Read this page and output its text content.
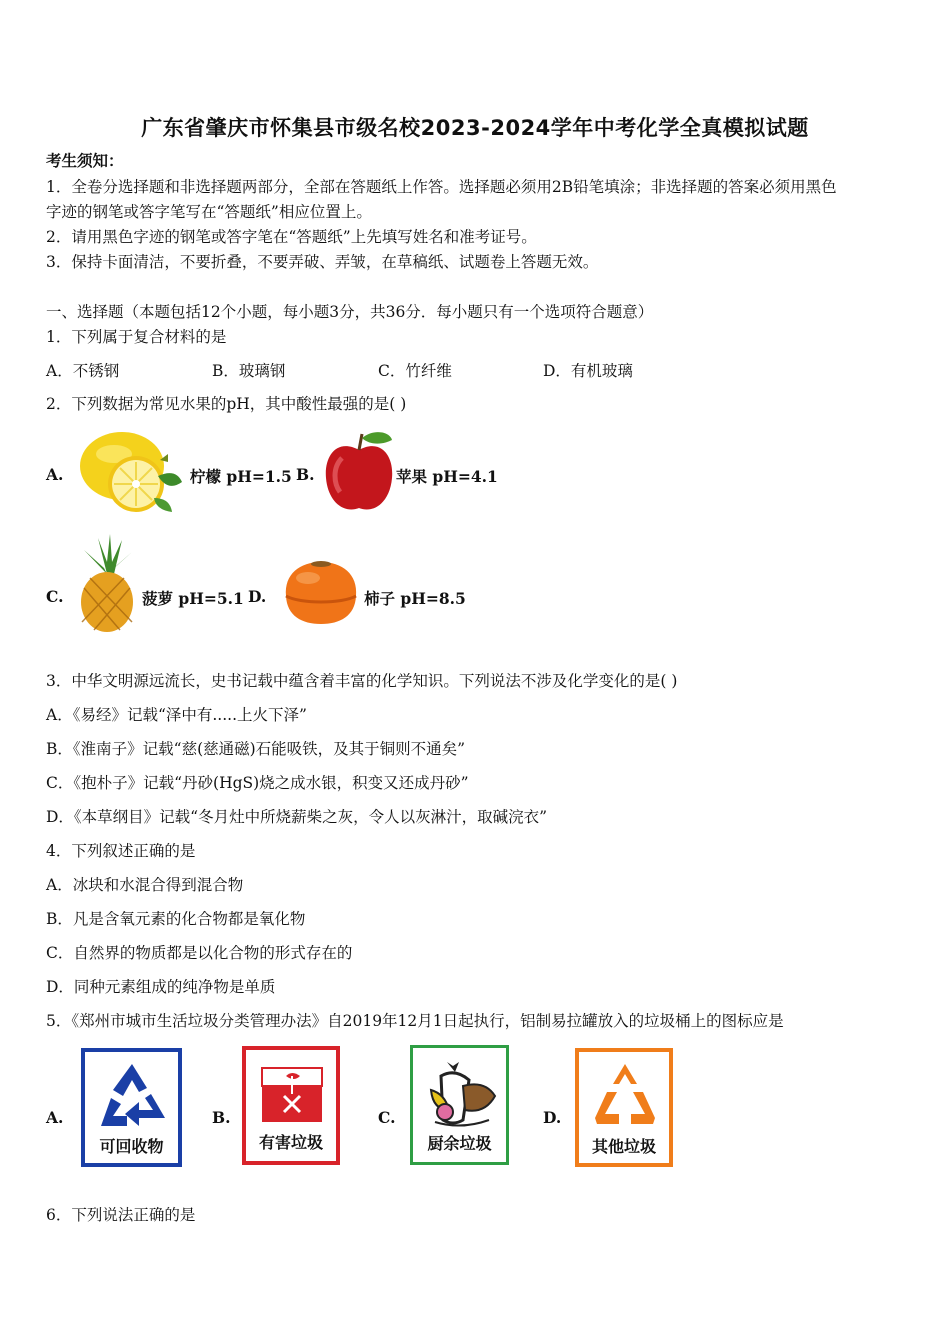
广东省肇庆市怀集县市级名校2023-2024学年中考化学全真模拟试题
考生须知：
1．全卷分选择题和非选择题两部分，全部在答题纸上作答。选择题必须用2B铅笔填涂；非选择题的答案必须用黑色
字迹的钢笔或答字笔写在“答题纸”相应位置上。
2．请用黑色字迹的钢笔或答字笔在“答题纸”上先填写姓名和准考证号。
3．保持卡面清洁，不要折叠，不要弄破、弄皱，在草稿纸、试题卷上答题无效。
一、选择题（本题包括12个小题，每小题3分，共36分．每小题只有一个选项符合题意）
1．下列属于复合材料的是
A．不锈钢	B．玻璃钢	C．竹纤维	D．有机玻璃
2．下列数据为常见水果的pH，其中酸性最强的是( )
A.	柠檬 pH=1.5 B.	苹果 pH=4.1
C.	菠萝 pH=5.1 D.	柿子 pH=8.5
3．中华文明源远流长，史书记载中蕴含着丰富的化学知识。下列说法不涉及化学变化的是( )
A．《易经》记载“泽中有.....上火下泽”
B．《淮南子》记载“慈(慈通磁)石能吸铁，及其于铜则不通矣”
C．《抱朴子》记载“丹砂(HgS)烧之成水银，积变又还成丹砂”
D．《本草纲目》记载“冬月灶中所烧薪柴之灰，令人以灰淋汁，取碱浣衣”
4．下列叙述正确的是
A．冰块和水混合得到混合物
B．凡是含氧元素的化合物都是氧化物
C．自然界的物质都是以化合物的形式存在的
D．同种元素组成的纯净物是单质
5．《郑州市城市生活垃圾分类管理办法》自2019年12月1日起执行，铝制易拉罐放入的垃圾桶上的图标应是
A.
可回收物
B.
有害垃圾
C.
厨余垃圾
D.
其他垃圾
6．下列说法正确的是
